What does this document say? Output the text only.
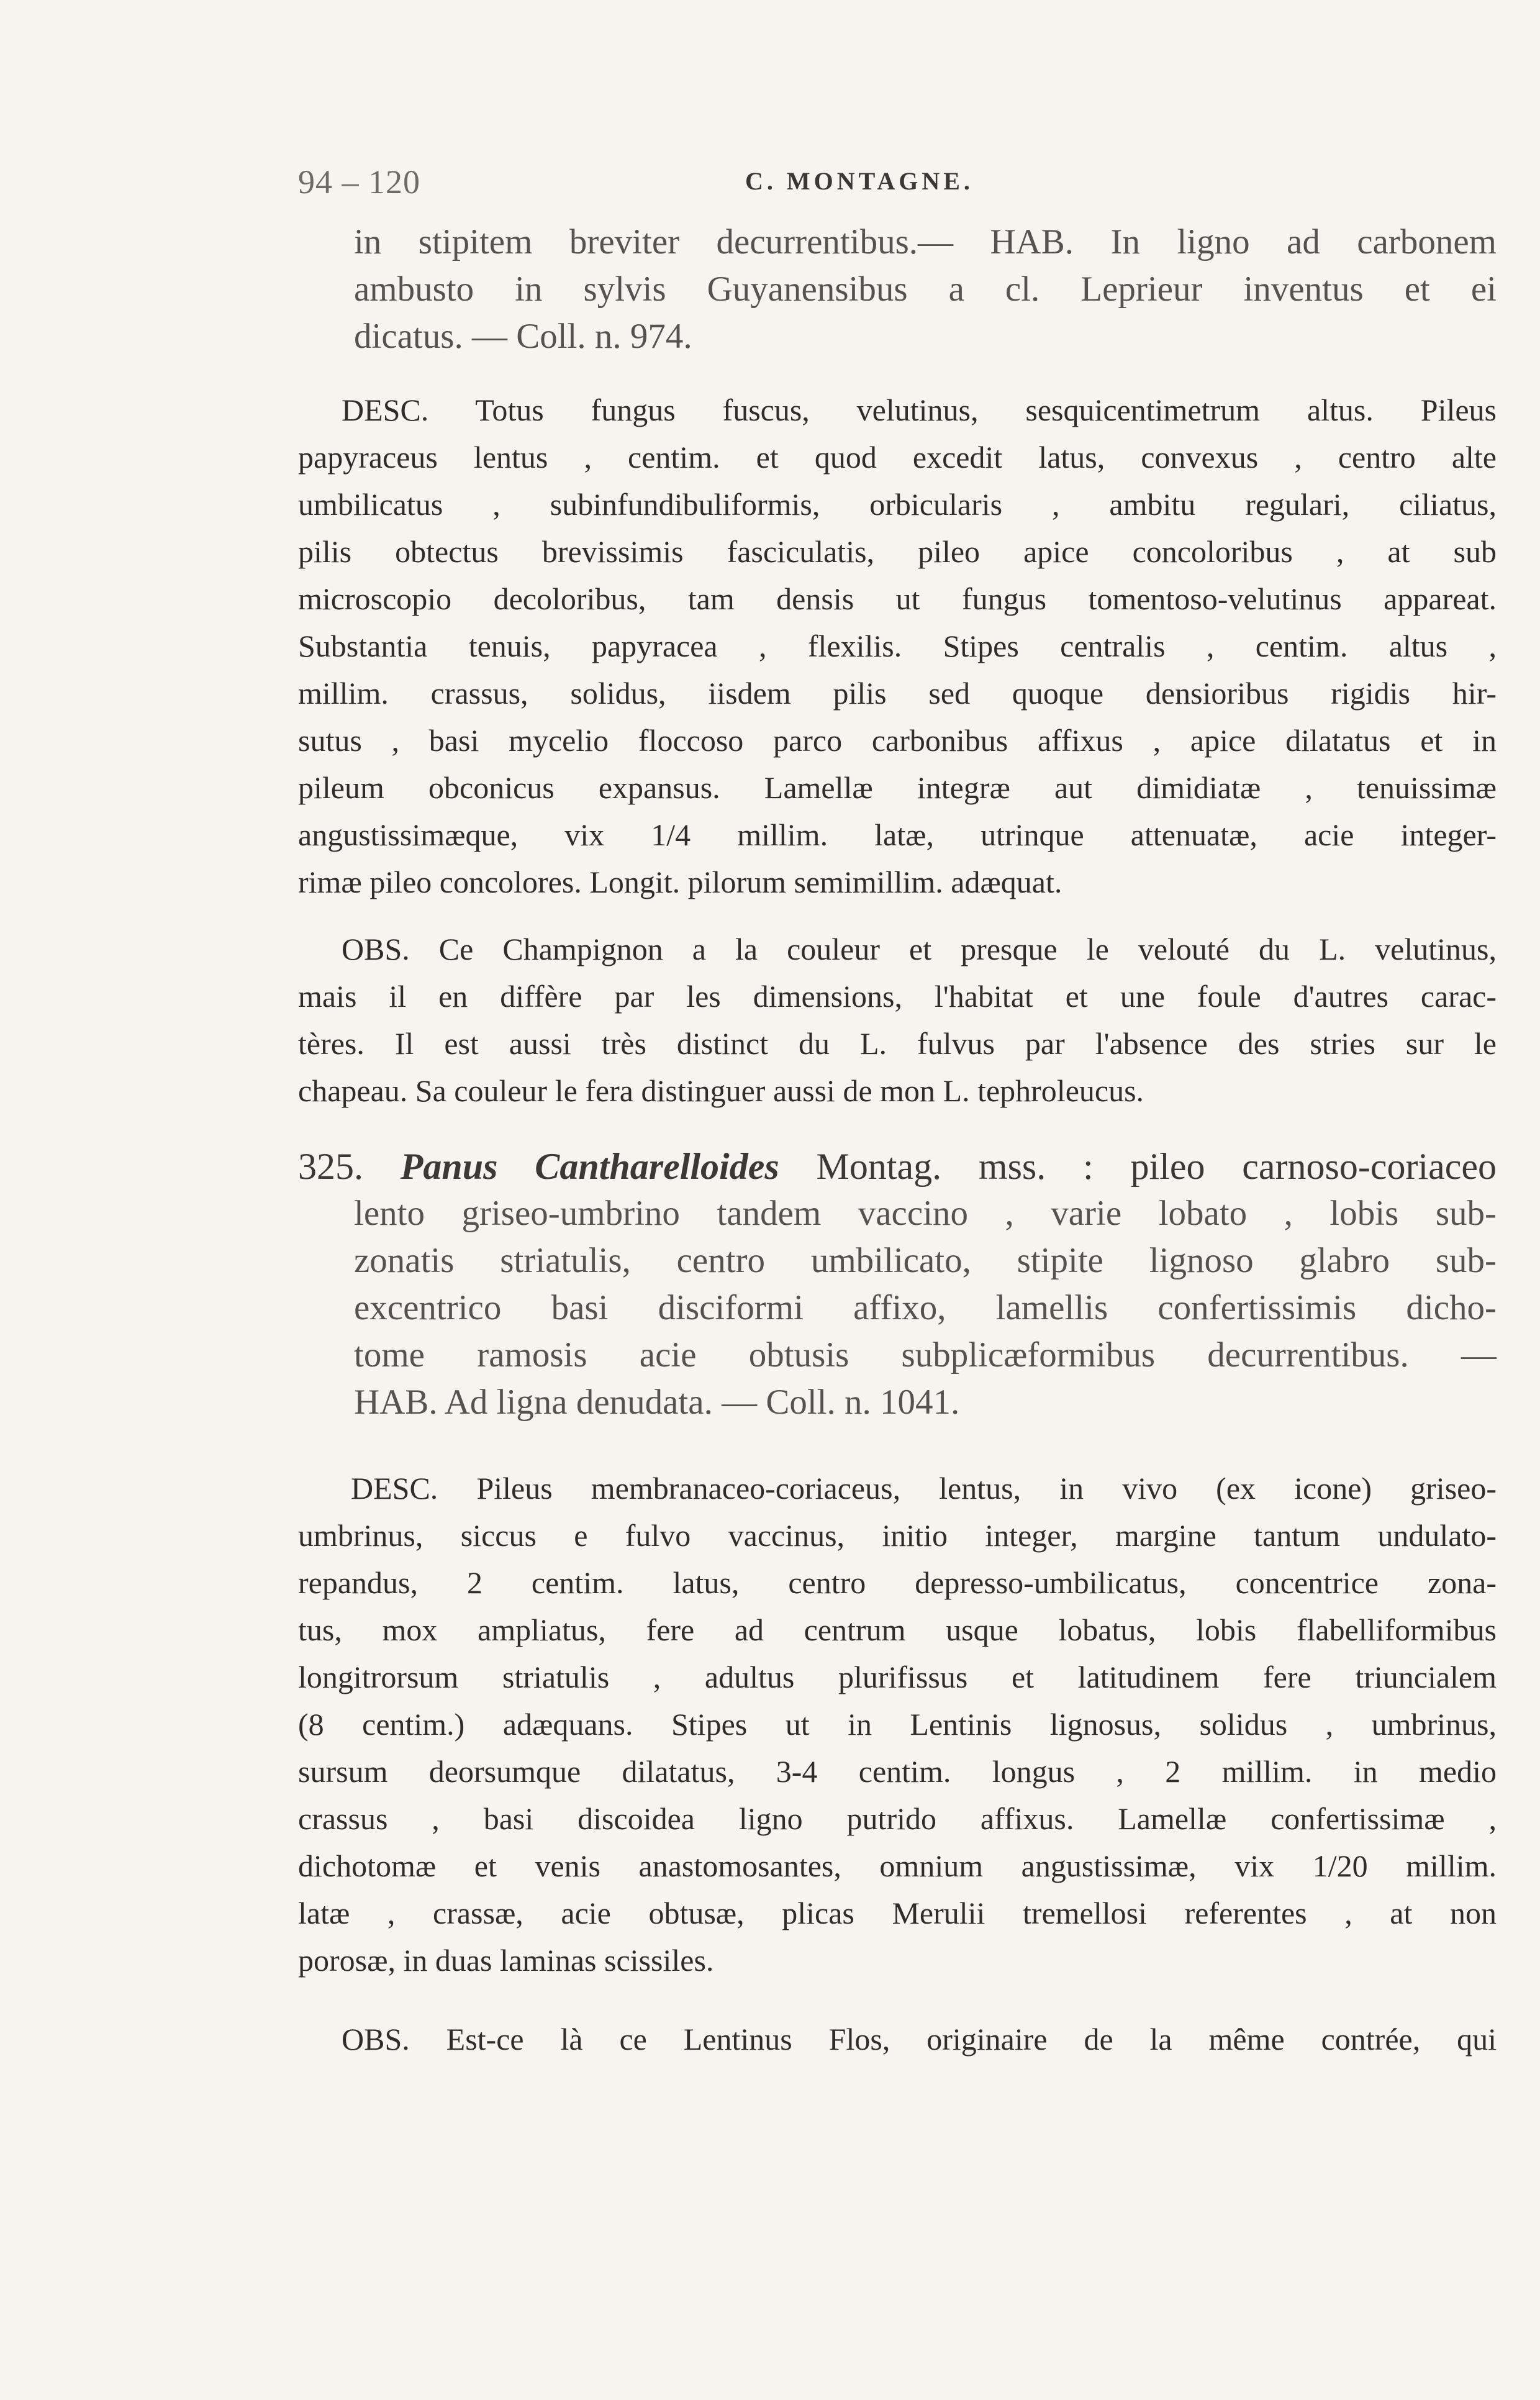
94 – 120	C. MONTAGNE.
in stipitem breviter decurrentibus.— HAB. In ligno ad carbonem
ambusto in sylvis Guyanensibus a cl. Leprieur inventus et ei
dicatus. — Coll. n. 974.
DESC. Totus fungus fuscus, velutinus, sesquicentimetrum altus. Pileus
papyraceus lentus , centim. et quod excedit latus, convexus , centro alte
umbilicatus , subinfundibuliformis, orbicularis , ambitu regulari, ciliatus,
pilis obtectus brevissimis fasciculatis, pileo apice concoloribus , at sub
microscopio decoloribus, tam densis ut fungus tomentoso-velutinus appareat.
Substantia tenuis, papyracea , flexilis. Stipes centralis , centim. altus ,
millim. crassus, solidus, iisdem pilis sed quoque densioribus rigidis hir-
sutus , basi mycelio floccoso parco carbonibus affixus , apice dilatatus et in
pileum obconicus expansus. Lamellæ integræ aut dimidiatæ , tenuissimæ
angustissimæque, vix 1/4 millim. latæ, utrinque attenuatæ, acie integer-
rimæ pileo concolores. Longit. pilorum semimillim. adæquat.
OBS. Ce Champignon a la couleur et presque le velouté du L. velutinus,
mais il en diffère par les dimensions, l'habitat et une foule d'autres carac-
tères. Il est aussi très distinct du L. fulvus par l'absence des stries sur le
chapeau. Sa couleur le fera distinguer aussi de mon L. tephroleucus.
325. Panus Cantharelloides Montag. mss. : pileo carnoso-coriaceo
lento griseo-umbrino tandem vaccino , varie lobato , lobis sub-
zonatis striatulis, centro umbilicato, stipite lignoso glabro sub-
excentrico basi disciformi affixo, lamellis confertissimis dicho-
tome ramosis acie obtusis subplicæformibus decurrentibus. —
HAB. Ad ligna denudata. — Coll. n. 1041.
DESC. Pileus membranaceo-coriaceus, lentus, in vivo (ex icone) griseo-
umbrinus, siccus e fulvo vaccinus, initio integer, margine tantum undulato-
repandus, 2 centim. latus, centro depresso-umbilicatus, concentrice zona-
tus, mox ampliatus, fere ad centrum usque lobatus, lobis flabelliformibus
longitrorsum striatulis , adultus plurifissus et latitudinem fere triuncialem
(8 centim.) adæquans. Stipes ut in Lentinis lignosus, solidus , umbrinus,
sursum deorsumque dilatatus, 3-4 centim. longus , 2 millim. in medio
crassus , basi discoidea ligno putrido affixus. Lamellæ confertissimæ ,
dichotomæ et venis anastomosantes, omnium angustissimæ, vix 1/20 millim.
latæ , crassæ, acie obtusæ, plicas Merulii tremellosi referentes , at non
porosæ, in duas laminas scissiles.
OBS. Est-ce là ce Lentinus Flos, originaire de la même contrée, qui
